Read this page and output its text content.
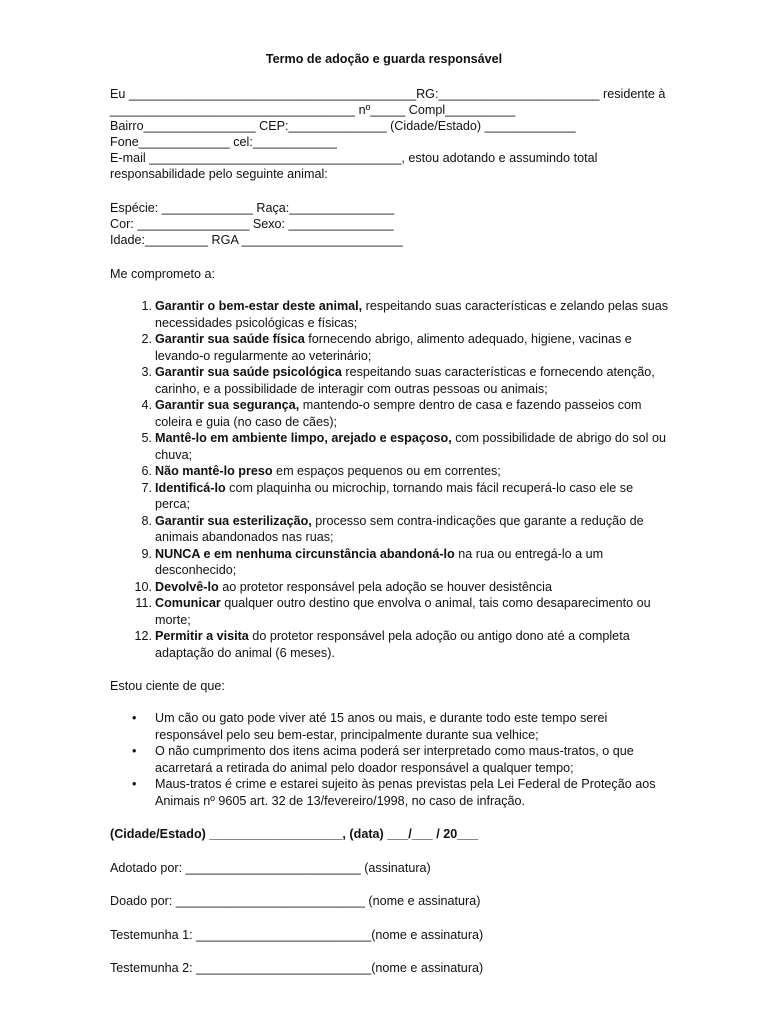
Termo de adoção e guarda responsável
Eu _________________________________________RG:_______________________ residente à
___________________________________ nº_____ Compl__________
Bairro________________ CEP:______________ (Cidade/Estado) _____________
Fone_____________ cel:____________
E-mail ____________________________________, estou adotando e assumindo total
responsabilidade pelo seguinte animal:
Espécie: _____________ Raça:_______________
Cor: ________________ Sexo: _______________
Idade:_________ RGA _______________________
Me comprometo a:
1 . Garantir o bem-estar deste animal, respeitando suas características e zelando pelas suas necessidades psicológicas e físicas;
2 . Garantir sua saúde física fornecendo abrigo, alimento adequado, higiene, vacinas e levando-o regularmente ao veterinário;
3 . Garantir sua saúde psicológica respeitando suas características e fornecendo atenção, carinho, e a possibilidade de interagir com outras pessoas ou animais;
4 . Garantir sua segurança, mantendo-o sempre dentro de casa e fazendo passeios com coleira e guia (no caso de cães);
5 . Mantê-lo em ambiente limpo, arejado e espaçoso, com possibilidade de abrigo do sol ou chuva;
6 . Não mantê-lo preso em espaços pequenos ou em correntes;
7 . Identificá-lo com plaquinha ou microchip, tornando mais fácil recuperá-lo caso ele se perca;
8 . Garantir sua esterilização, processo sem contra-indicações que garante a redução de animais abandonados nas ruas;
9 . NUNCA e em nenhuma circunstância abandoná-lo na rua ou entregá-lo a um desconhecido;
10 . Devolvê-lo ao protetor responsável pela adoção se houver desistência
11 . Comunicar qualquer outro destino que envolva o animal, tais como desaparecimento ou morte;
12 . Permitir a visita do protetor responsável pela adoção ou antigo dono até a completa adaptação do animal (6 meses).
Estou ciente de que:
• Um cão ou gato pode viver até 15 anos ou mais, e durante todo este tempo serei responsável pelo seu bem-estar, principalmente durante sua velhice;
• O não cumprimento dos itens acima poderá ser interpretado como maus-tratos, o que acarretará a retirada do animal pelo doador responsável a qualquer tempo;
• Maus-tratos é crime e estarei sujeito às penas previstas pela Lei Federal de Proteção aos Animais nº 9605 art. 32 de 13/fevereiro/1998, no caso de infração.
(Cidade/Estado) ___________________, (data) ___/___ / 20___
Adotado por: _________________________ (assinatura)
Doado por: ___________________________ (nome e assinatura)
Testemunha 1: _________________________(nome e assinatura)
Testemunha 2: _________________________(nome e assinatura)
